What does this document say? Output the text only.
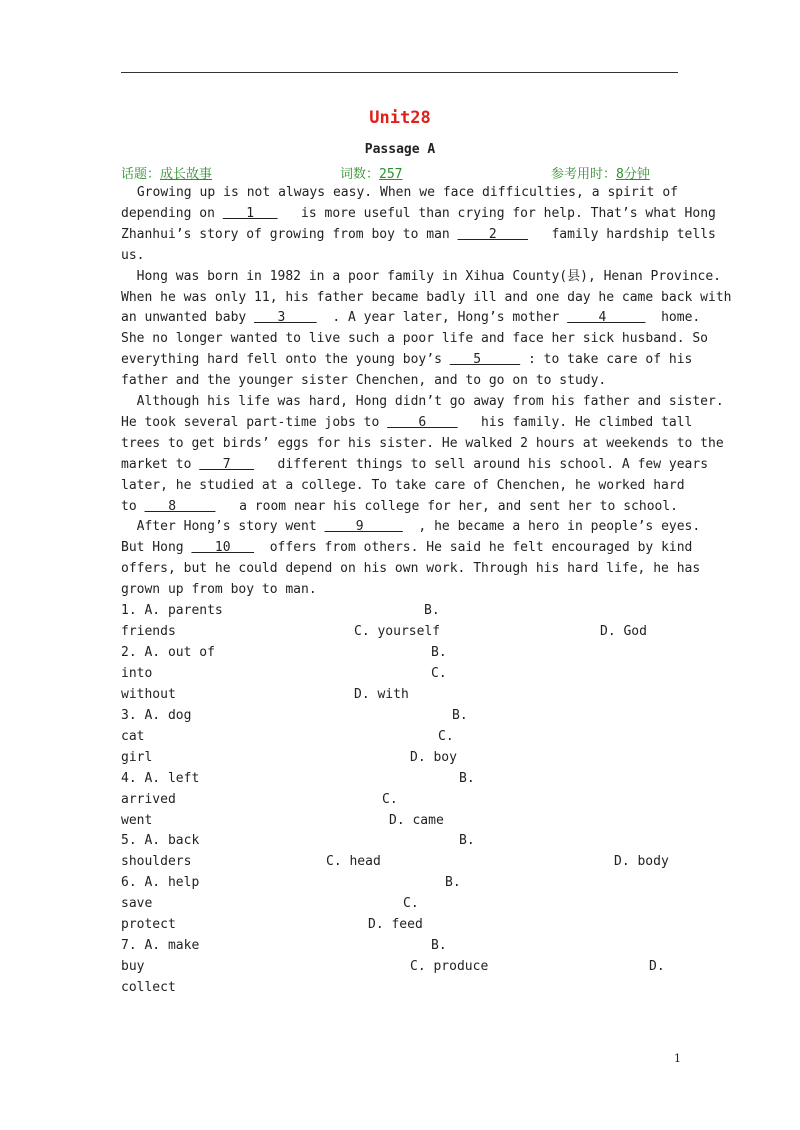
Unit28
Passage A
话题：成长故事	词数：257	参考用时：8分钟
Growing up is not always easy. When we face difficulties, a spirit of
depending on    1      is more useful than crying for help. That’s what Hong
Zhanhui’s story of growing from boy to man     2       family hardship tells
us.
Hong was born in 1982 in a poor family in Xihua County(县), Henan Province.
When he was only 11, his father became badly ill and one day he came back with
an unwanted baby    3      . A year later, Hong’s mother     4       home.
She no longer wanted to live such a poor life and face her sick husband. So
everything hard fell onto the young boy’s    5      : to take care of his
father and the younger sister Chenchen, and to go on to study.
Although his life was hard, Hong didn’t go away from his father and sister.
He took several part-time jobs to     6       his family. He climbed tall
trees to get birds’ eggs for his sister. He walked 2 hours at weekends to the
market to    7      different things to sell around his school. A few years
later, he studied at a college. To take care of Chenchen, he worked hard
to    8        a room near his college for her, and sent her to school.
After Hong’s story went     9       , he became a hero in people’s eyes.
But Hong    10     offers from others. He said he felt encouraged by kind
offers, but he could depend on his own work. Through his hard life, he has
grown up from boy to man.
1. A. parents	B.
friends	C. yourself	D. God
2. A. out of	B.
into	C.
without	D. with
3. A. dog	B.
cat	C.
girl	D. boy
4. A. left	B.
arrived	C.
went	D. came
5. A. back	B.
shoulders	C. head	D. body
6. A. help	B.
save	C.
protect	D. feed
7. A. make	B.
buy	C. produce	D.
collect
1
